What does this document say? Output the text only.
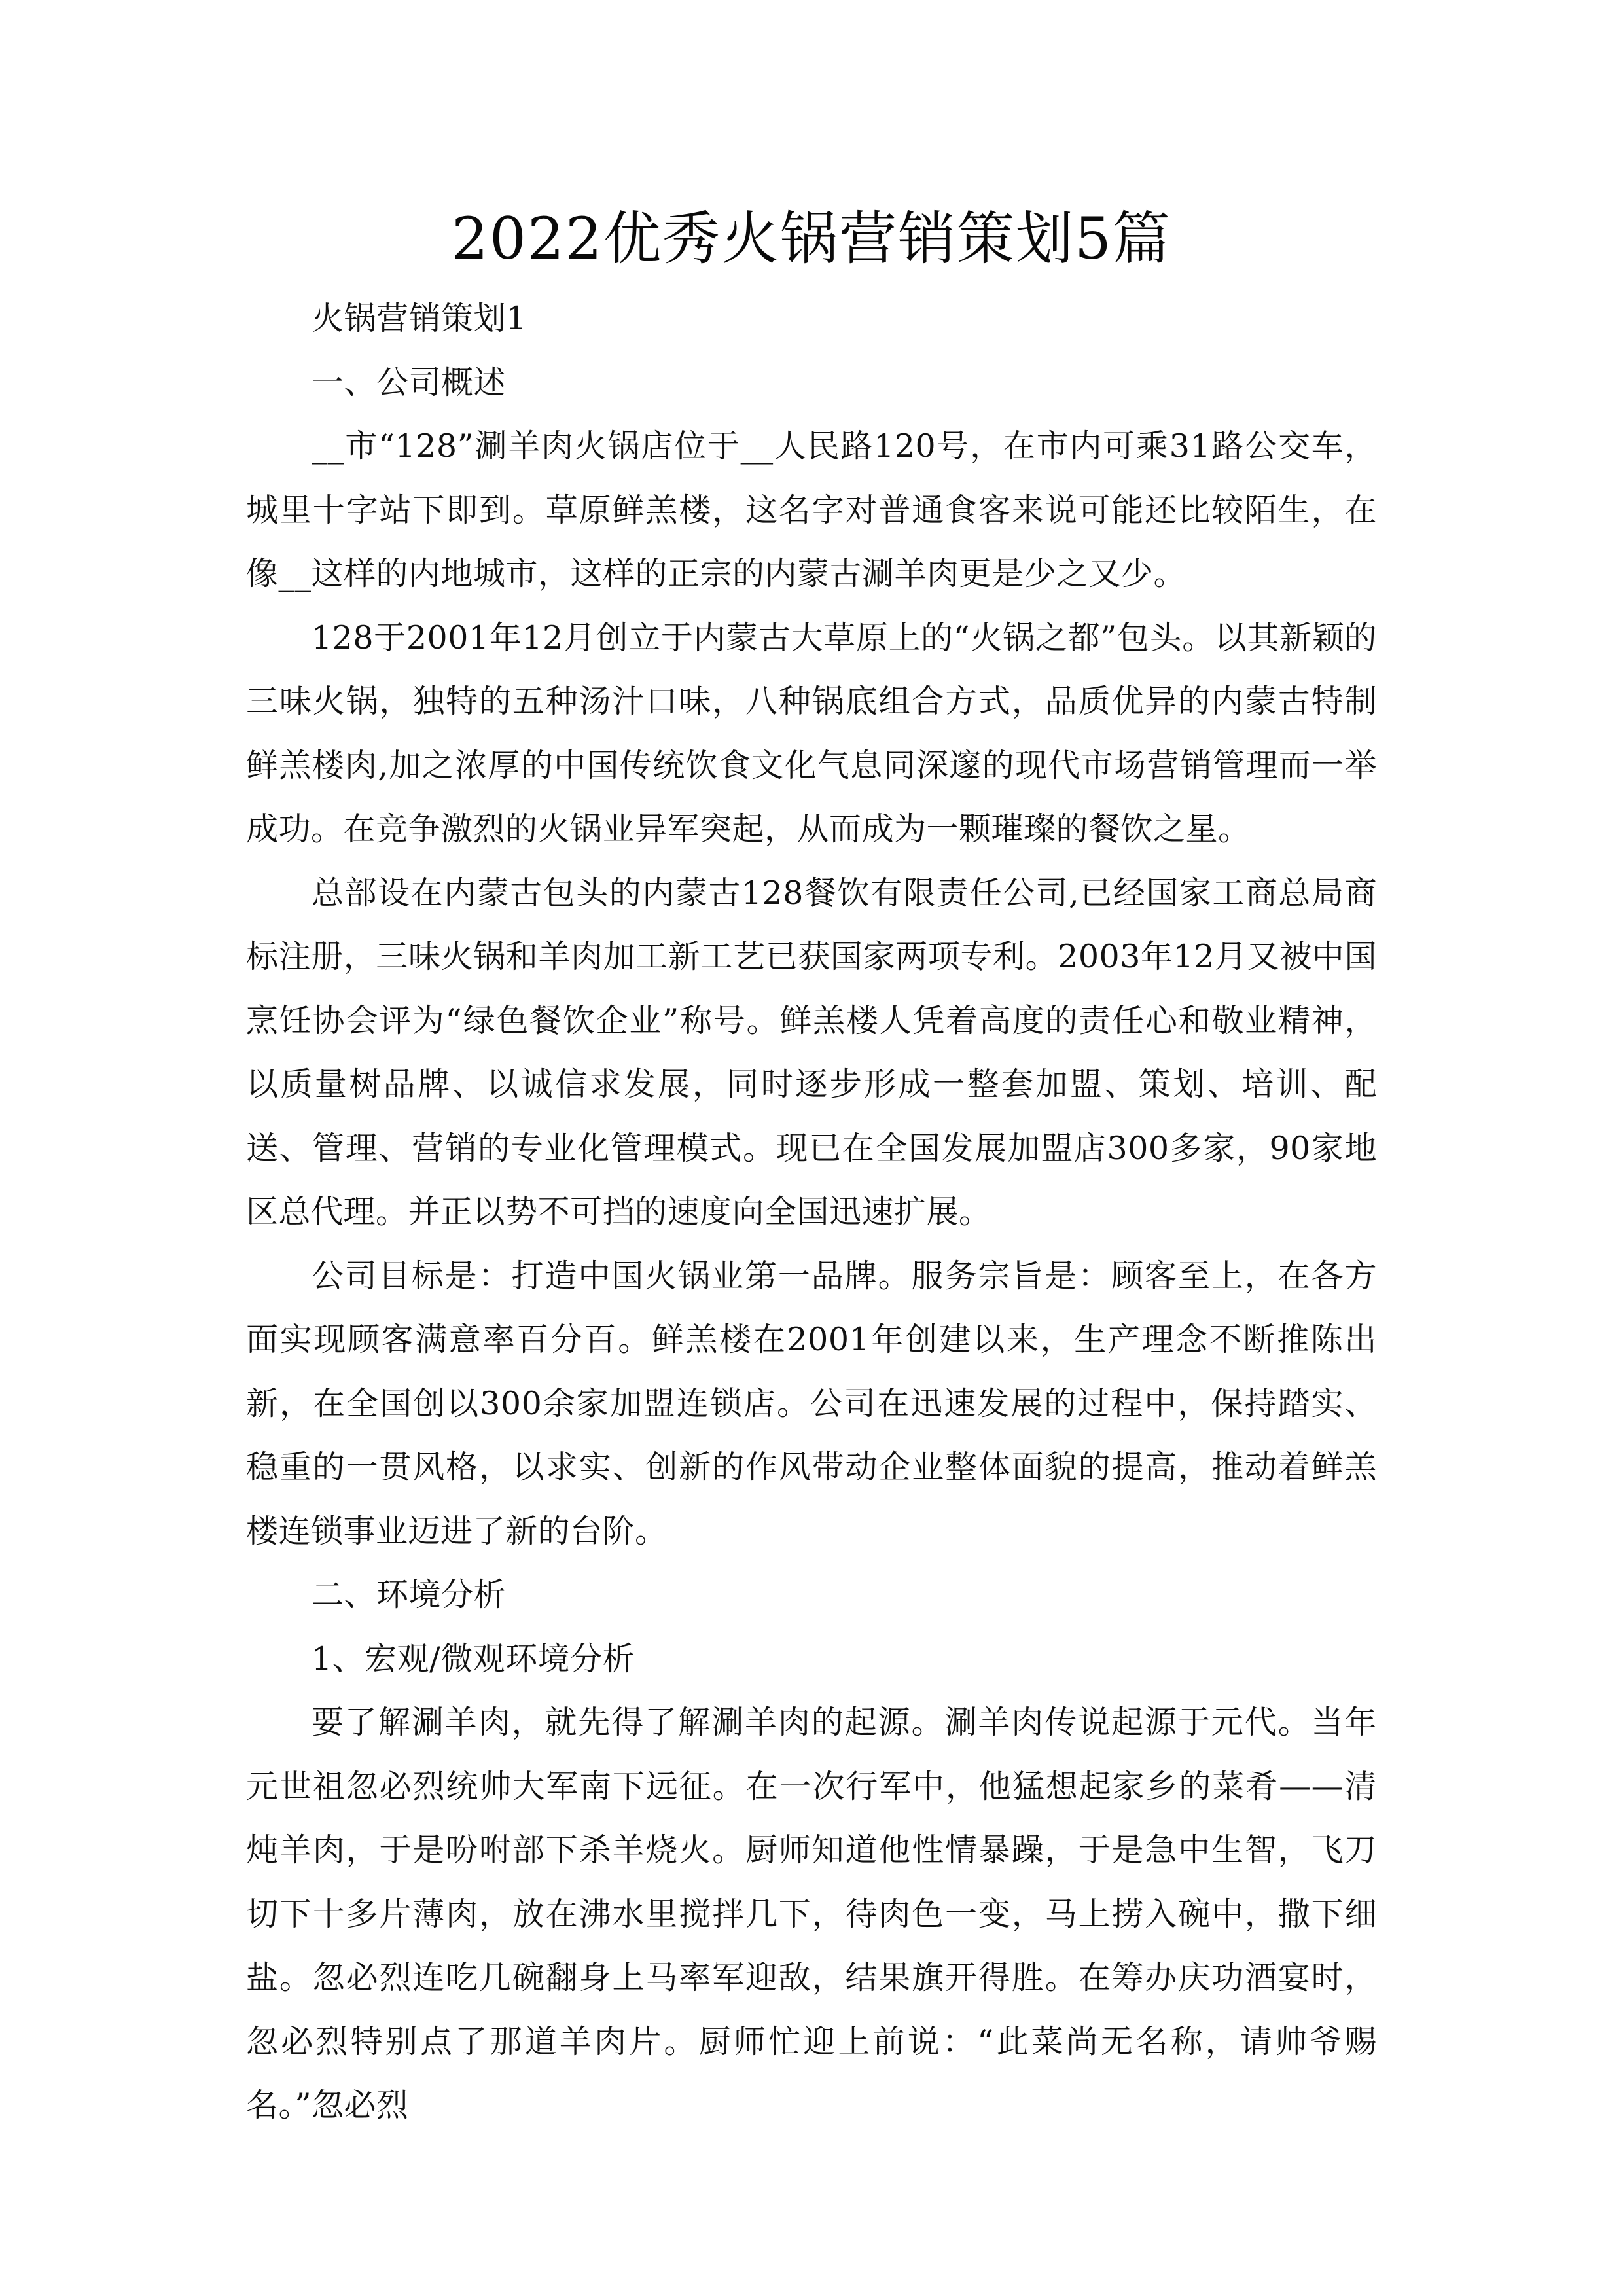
2022优秀火锅营销策划5篇

火锅营销策划1

一、公司概述

__市“128”涮羊肉火锅店位于__人民路120号，在市内可乘31路公交车，城里十字站下即到。草原鲜羔楼，这名字对普通食客来说可能还比较陌生，在像__这样的内地城市，这样的正宗的内蒙古涮羊肉更是少之又少。

128于2001年12月创立于内蒙古大草原上的“火锅之都”包头。以其新颖的三味火锅，独特的五种汤汁口味，八种锅底组合方式，品质优异的内蒙古特制鲜羔楼肉,加之浓厚的中国传统饮食文化气息同深邃的现代市场营销管理而一举成功。在竞争激烈的火锅业异军突起，从而成为一颗璀璨的餐饮之星。

总部设在内蒙古包头的内蒙古128餐饮有限责任公司,已经国家工商总局商标注册，三味火锅和羊肉加工新工艺已获国家两项专利。2003年12月又被中国烹饪协会评为“绿色餐饮企业”称号。鲜羔楼人凭着高度的责任心和敬业精神，以质量树品牌、以诚信求发展，同时逐步形成一整套加盟、策划、培训、配送、管理、营销的专业化管理模式。现已在全国发展加盟店300多家，90家地区总代理。并正以势不可挡的速度向全国迅速扩展。

公司目标是：打造中国火锅业第一品牌。服务宗旨是：顾客至上，在各方面实现顾客满意率百分百。鲜羔楼在2001年创建以来，生产理念不断推陈出新，在全国创以300余家加盟连锁店。公司在迅速发展的过程中，保持踏实、稳重的一贯风格，以求实、创新的作风带动企业整体面貌的提高，推动着鲜羔楼连锁事业迈进了新的台阶。

二、环境分析

1、宏观/微观环境分析

要了解涮羊肉，就先得了解涮羊肉的起源。涮羊肉传说起源于元代。当年元世祖忽必烈统帅大军南下远征。在一次行军中，他猛想起家乡的菜肴——清炖羊肉，于是吩咐部下杀羊烧火。厨师知道他性情暴躁，于是急中生智，飞刀切下十多片薄肉，放在沸水里搅拌几下，待肉色一变，马上捞入碗中，撒下细盐。忽必烈连吃几碗翻身上马率军迎敌，结果旗开得胜。在筹办庆功酒宴时，忽必烈特别点了那道羊肉片。厨师忙迎上前说：“此菜尚无名称，请帅爷赐名。”忽必烈
